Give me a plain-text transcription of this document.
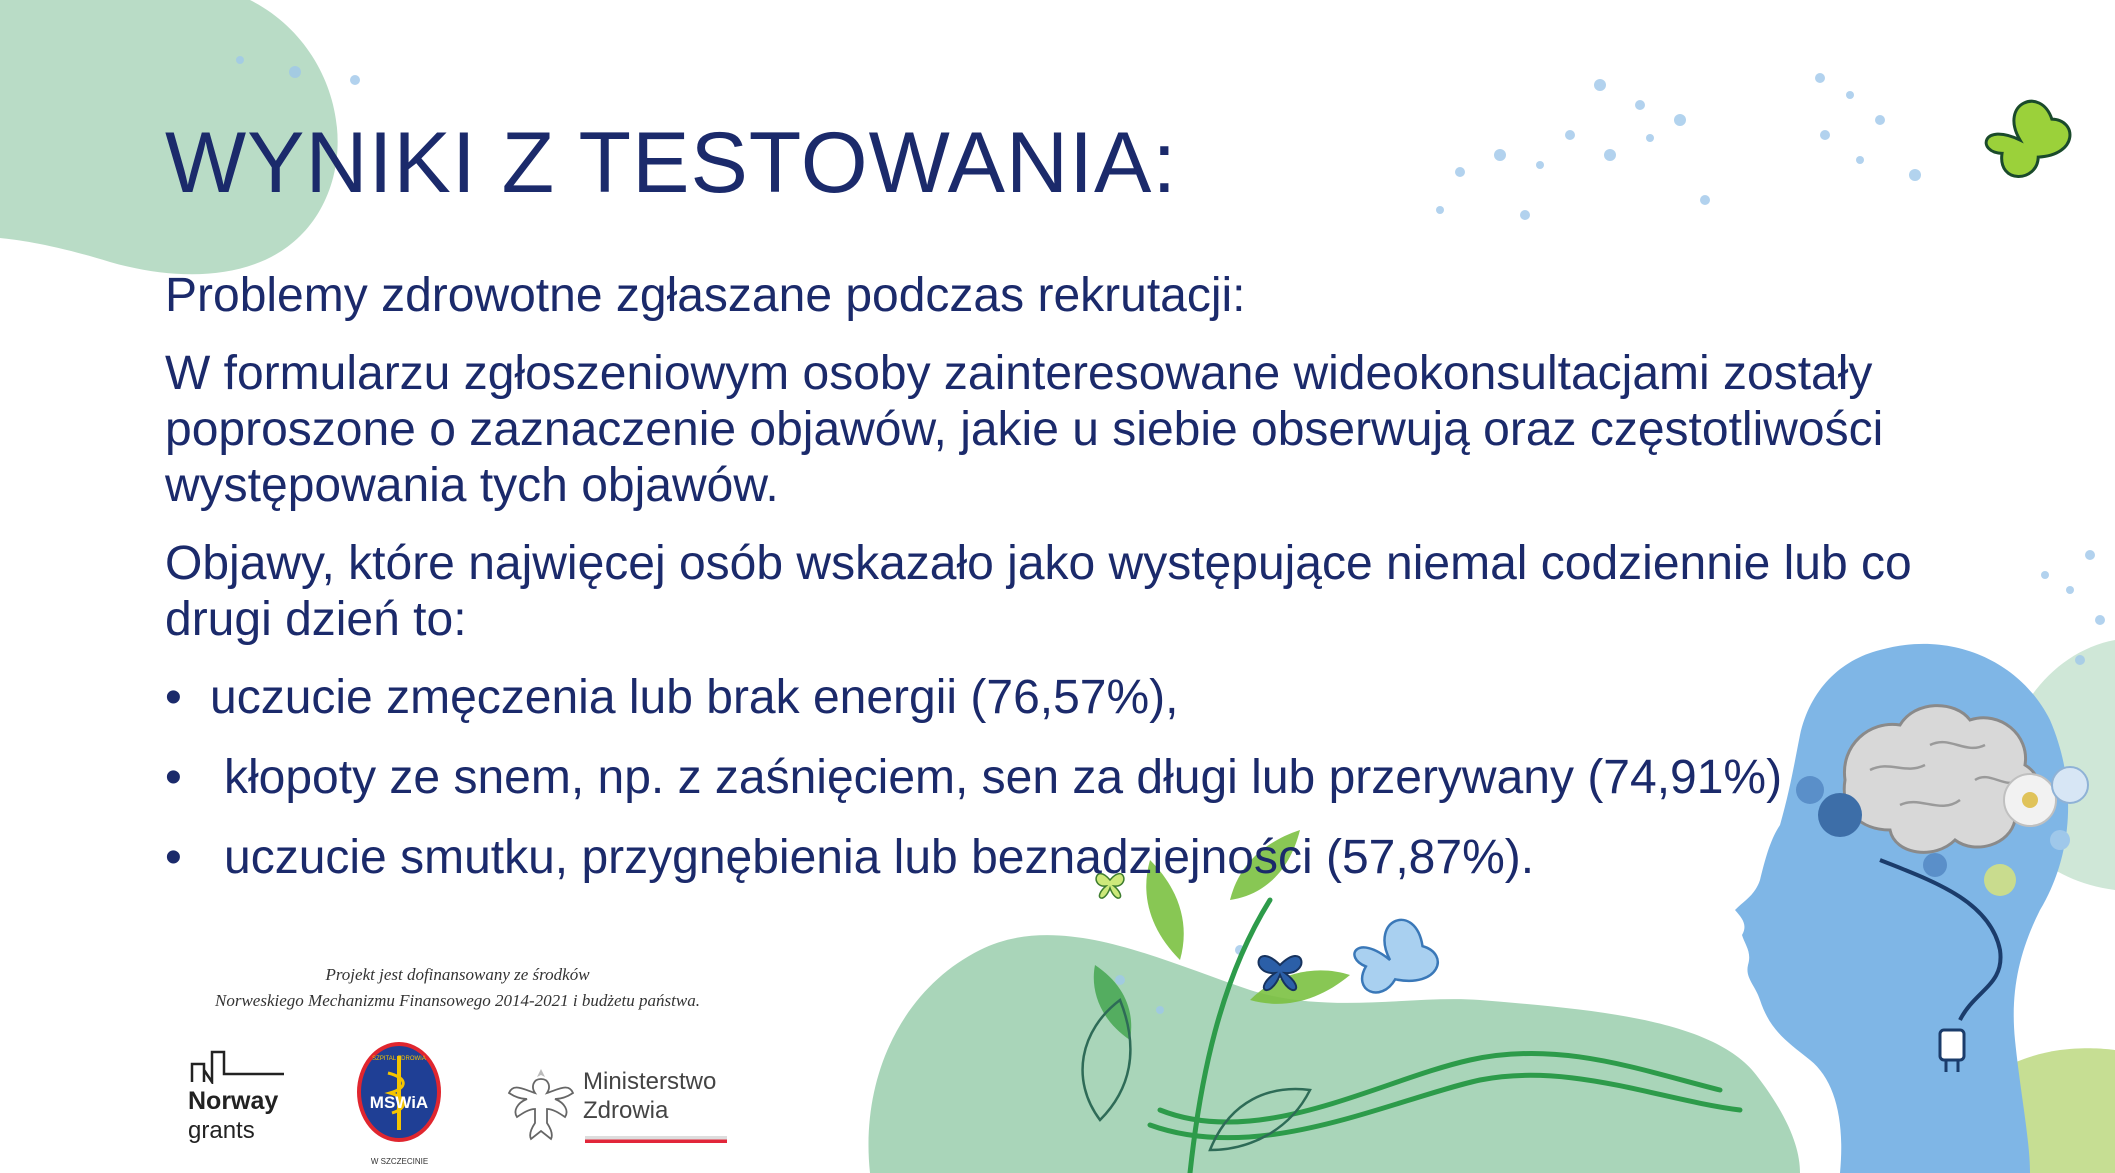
WYNIKI Z TESTOWANIA:

Problemy zdrowotne zgłaszane podczas rekrutacji:

W formularzu zgłoszeniowym osoby zainteresowane wideokonsultacjami zostały poproszone o zaznaczenie objawów, jakie u siebie obserwują oraz częstotliwości występowania tych objawów.

Objawy, które najwięcej osób wskazało jako występujące niemal codziennie lub co drugi dzień to:

• uczucie zmęczenia lub brak energii (76,57%),
• kłopoty ze snem, np. z zaśnięciem, sen za długi lub przerywany (74,91%)
• uczucie smutku, przygnębienia lub beznadziejności (57,87%).
Projekt jest dofinansowany ze środków
Norweskiego Mechanizmu Finansowego 2014-2021 i budżetu państwa.
Norway
grants
MSWiA
SZPITAL ZDROWIA
W SZCZECINIE
Ministerstwo
Zdrowia
